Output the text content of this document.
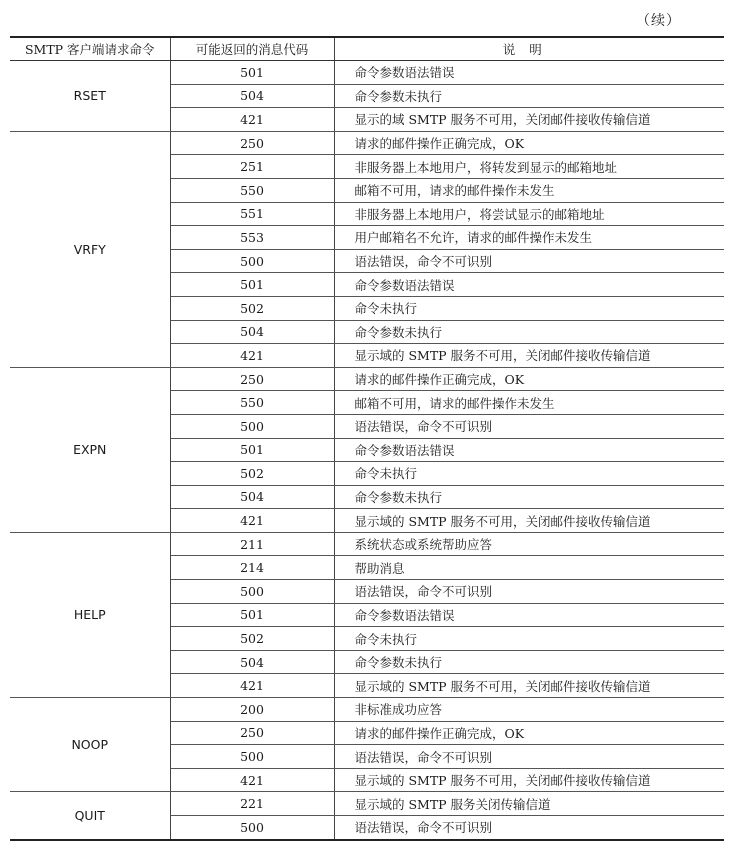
（续）
SMTP 客户端请求命令	可能返回的消息代码	说明
RSET	501	命令参数语法错误
	504	命令参数未执行
	421	显示的域 SMTP 服务不可用，关闭邮件接收传输信道
VRFY	250	请求的邮件操作正确完成，OK
	251	非服务器上本地用户，将转发到显示的邮箱地址
	550	邮箱不可用，请求的邮件操作未发生
	551	非服务器上本地用户，将尝试显示的邮箱地址
	553	用户邮箱名不允许，请求的邮件操作未发生
	500	语法错误，命令不可识别
	501	命令参数语法错误
	502	命令未执行
	504	命令参数未执行
	421	显示域的 SMTP 服务不可用，关闭邮件接收传输信道
EXPN	250	请求的邮件操作正确完成，OK
	550	邮箱不可用，请求的邮件操作未发生
	500	语法错误，命令不可识别
	501	命令参数语法错误
	502	命令未执行
	504	命令参数未执行
	421	显示域的 SMTP 服务不可用，关闭邮件接收传输信道
HELP	211	系统状态或系统帮助应答
	214	帮助消息
	500	语法错误，命令不可识别
	501	命令参数语法错误
	502	命令未执行
	504	命令参数未执行
	421	显示域的 SMTP 服务不可用，关闭邮件接收传输信道
NOOP	200	非标准成功应答
	250	请求的邮件操作正确完成，OK
	500	语法错误，命令不可识别
	421	显示域的 SMTP 服务不可用，关闭邮件接收传输信道
QUIT	221	显示域的 SMTP 服务关闭传输信道
	500	语法错误，命令不可识别
